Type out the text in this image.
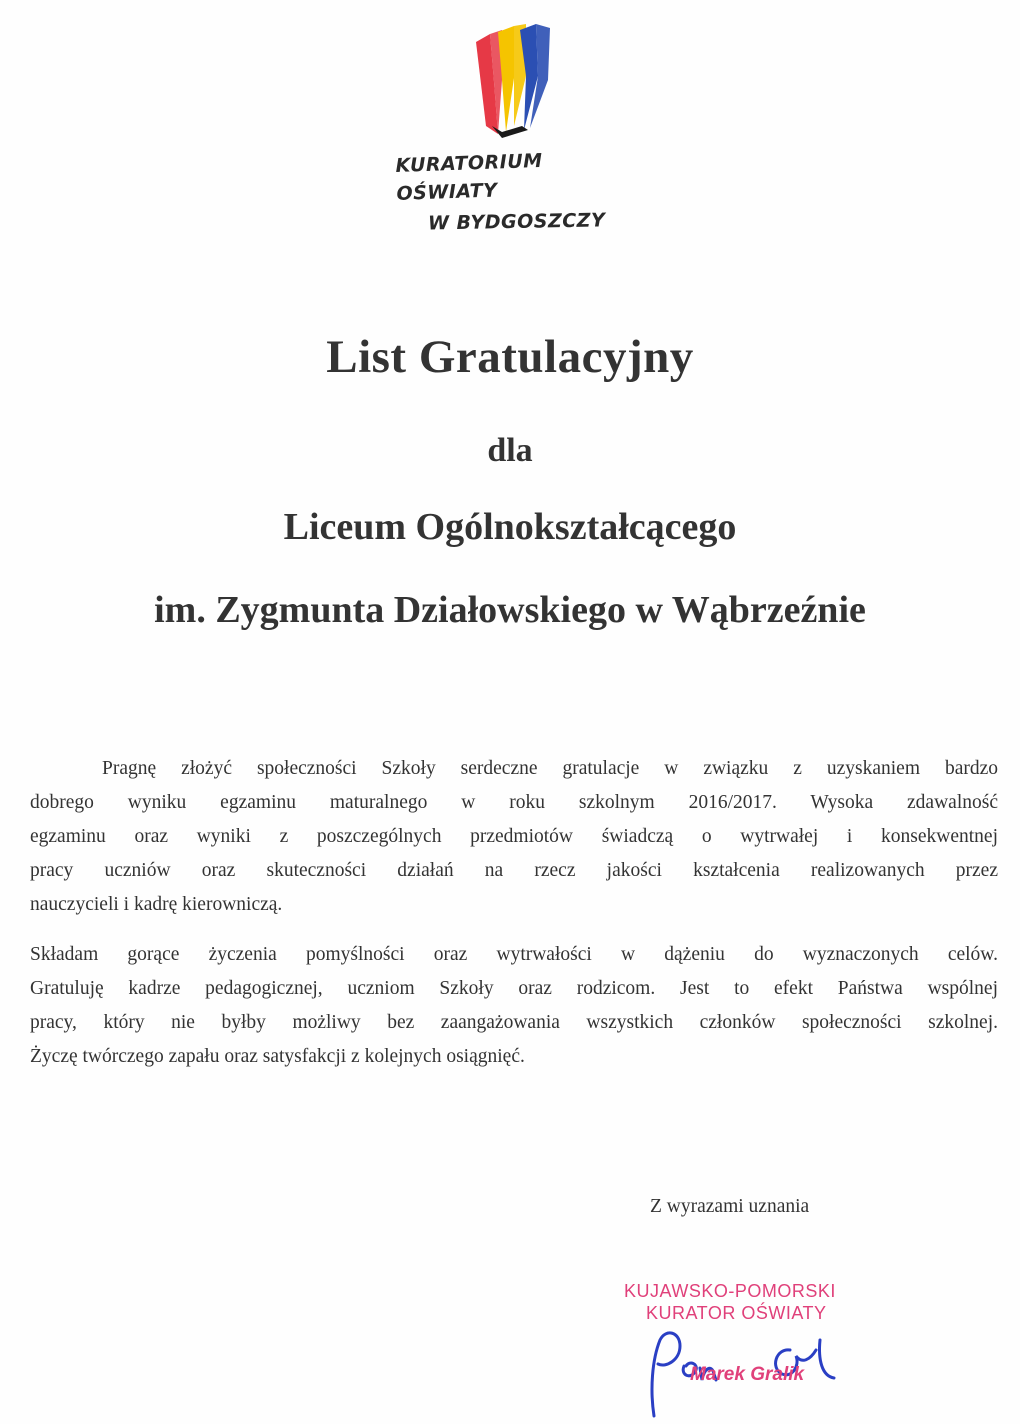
KURATORIUM OŚWIATY
W BYDGOSZCZY
List Gratulacyjny
dla
Liceum Ogólnokształcącego
im. Zygmunta Działowskiego w Wąbrzeźnie
Pragnę złożyć społeczności Szkoły serdeczne gratulacje w związku z uzyskaniem bardzo
dobrego wyniku egzaminu maturalnego w roku szkolnym 2016/2017. Wysoka zdawalność
egzaminu oraz wyniki z poszczególnych przedmiotów świadczą o wytrwałej i konsekwentnej
pracy uczniów oraz skuteczności działań na rzecz jakości kształcenia realizowanych przez
nauczycieli i kadrę kierowniczą.
Składam gorące życzenia pomyślności oraz wytrwałości w dążeniu do wyznaczonych celów.
Gratuluję kadrze pedagogicznej, uczniom Szkoły oraz rodzicom. Jest to efekt Państwa wspólnej
pracy, który nie byłby możliwy bez zaangażowania wszystkich członków społeczności szkolnej.
Życzę twórczego zapału oraz satysfakcji z kolejnych osiągnięć.
Z wyrazami uznania
KUJAWSKO-POMORSKI
KURATOR OŚWIATY
Marek Gralik
